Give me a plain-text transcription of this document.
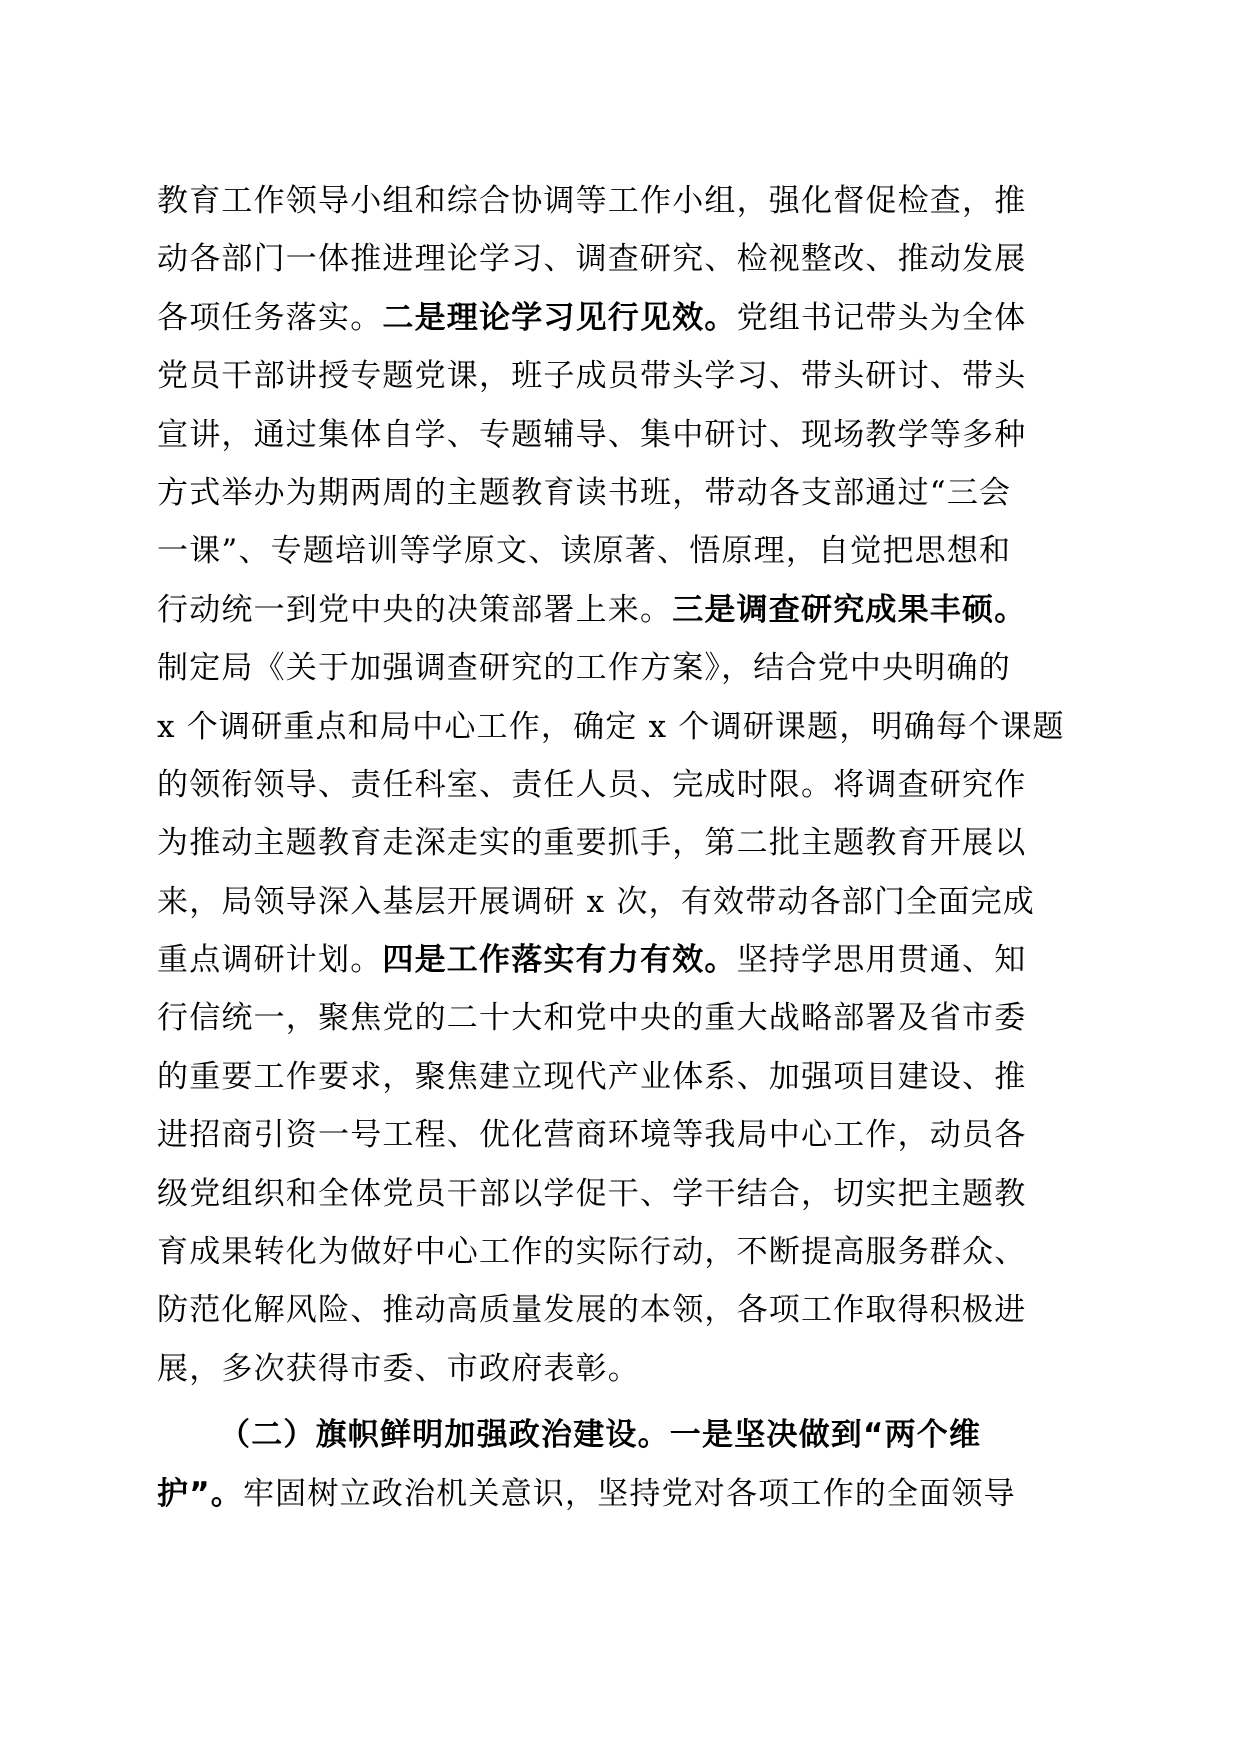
教育工作领导小组和综合协调等工作小组，强化督促检查，推
动各部门一体推进理论学习、调查研究、检视整改、推动发展
各项任务落实。二是理论学习见行见效。党组书记带头为全体
党员干部讲授专题党课，班子成员带头学习、带头研讨、带头
宣讲，通过集体自学、专题辅导、集中研讨、现场教学等多种
方式举办为期两周的主题教育读书班，带动各支部通过“三会
一课”、专题培训等学原文、读原著、悟原理，自觉把思想和
行动统一到党中央的决策部署上来。三是调查研究成果丰硕。
制定局《关于加强调查研究的工作方案》，结合党中央明确的
x 个调研重点和局中心工作，确定 x 个调研课题，明确每个课题
的领衔领导、责任科室、责任人员、完成时限。将调查研究作
为推动主题教育走深走实的重要抓手，第二批主题教育开展以
来，局领导深入基层开展调研 x 次，有效带动各部门全面完成
重点调研计划。四是工作落实有力有效。坚持学思用贯通、知
行信统一，聚焦党的二十大和党中央的重大战略部署及省市委
的重要工作要求，聚焦建立现代产业体系、加强项目建设、推
进招商引资一号工程、优化营商环境等我局中心工作，动员各
级党组织和全体党员干部以学促干、学干结合，切实把主题教
育成果转化为做好中心工作的实际行动，不断提高服务群众、
防范化解风险、推动高质量发展的本领，各项工作取得积极进
展，多次获得市委、市政府表彰。
（二）旗帜鲜明加强政治建设。一是坚决做到“两个维
护”。牢固树立政治机关意识，坚持党对各项工作的全面领导
